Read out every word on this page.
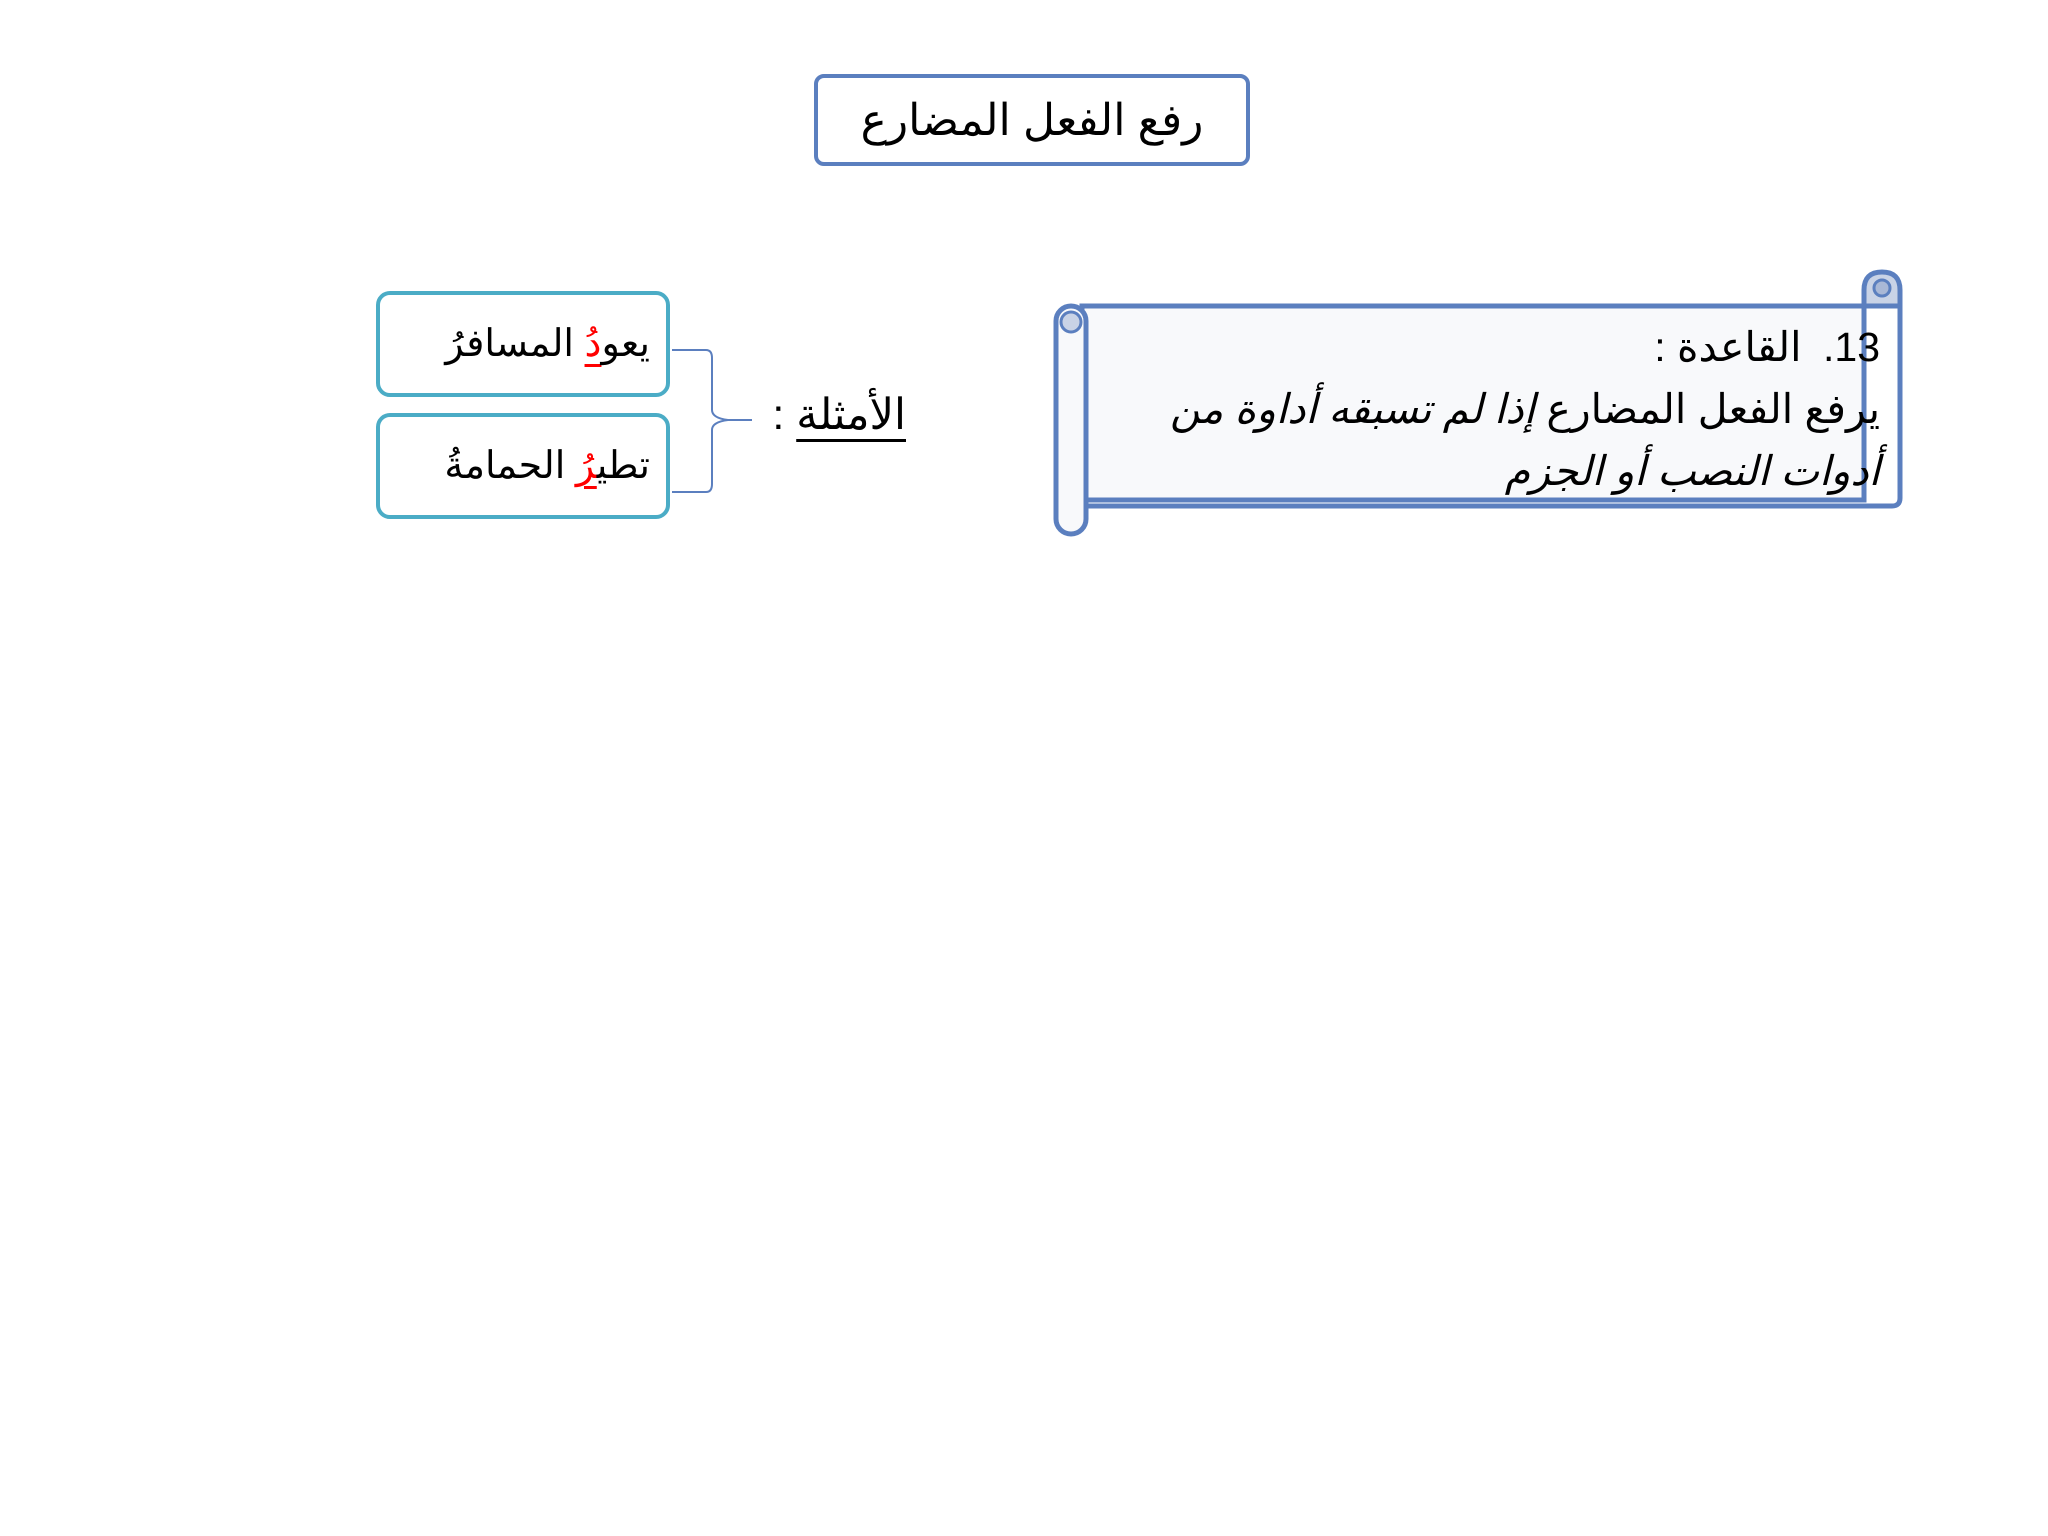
رفع الفعل المضارع
13. القاعدة :
يرفع الفعل المضارع إذا لم تسبقه أداوة من
أدوات النصب أو الجزم
الأمثلة :
يعودُ المسافرُ
تطيرُ الحمامةُ
